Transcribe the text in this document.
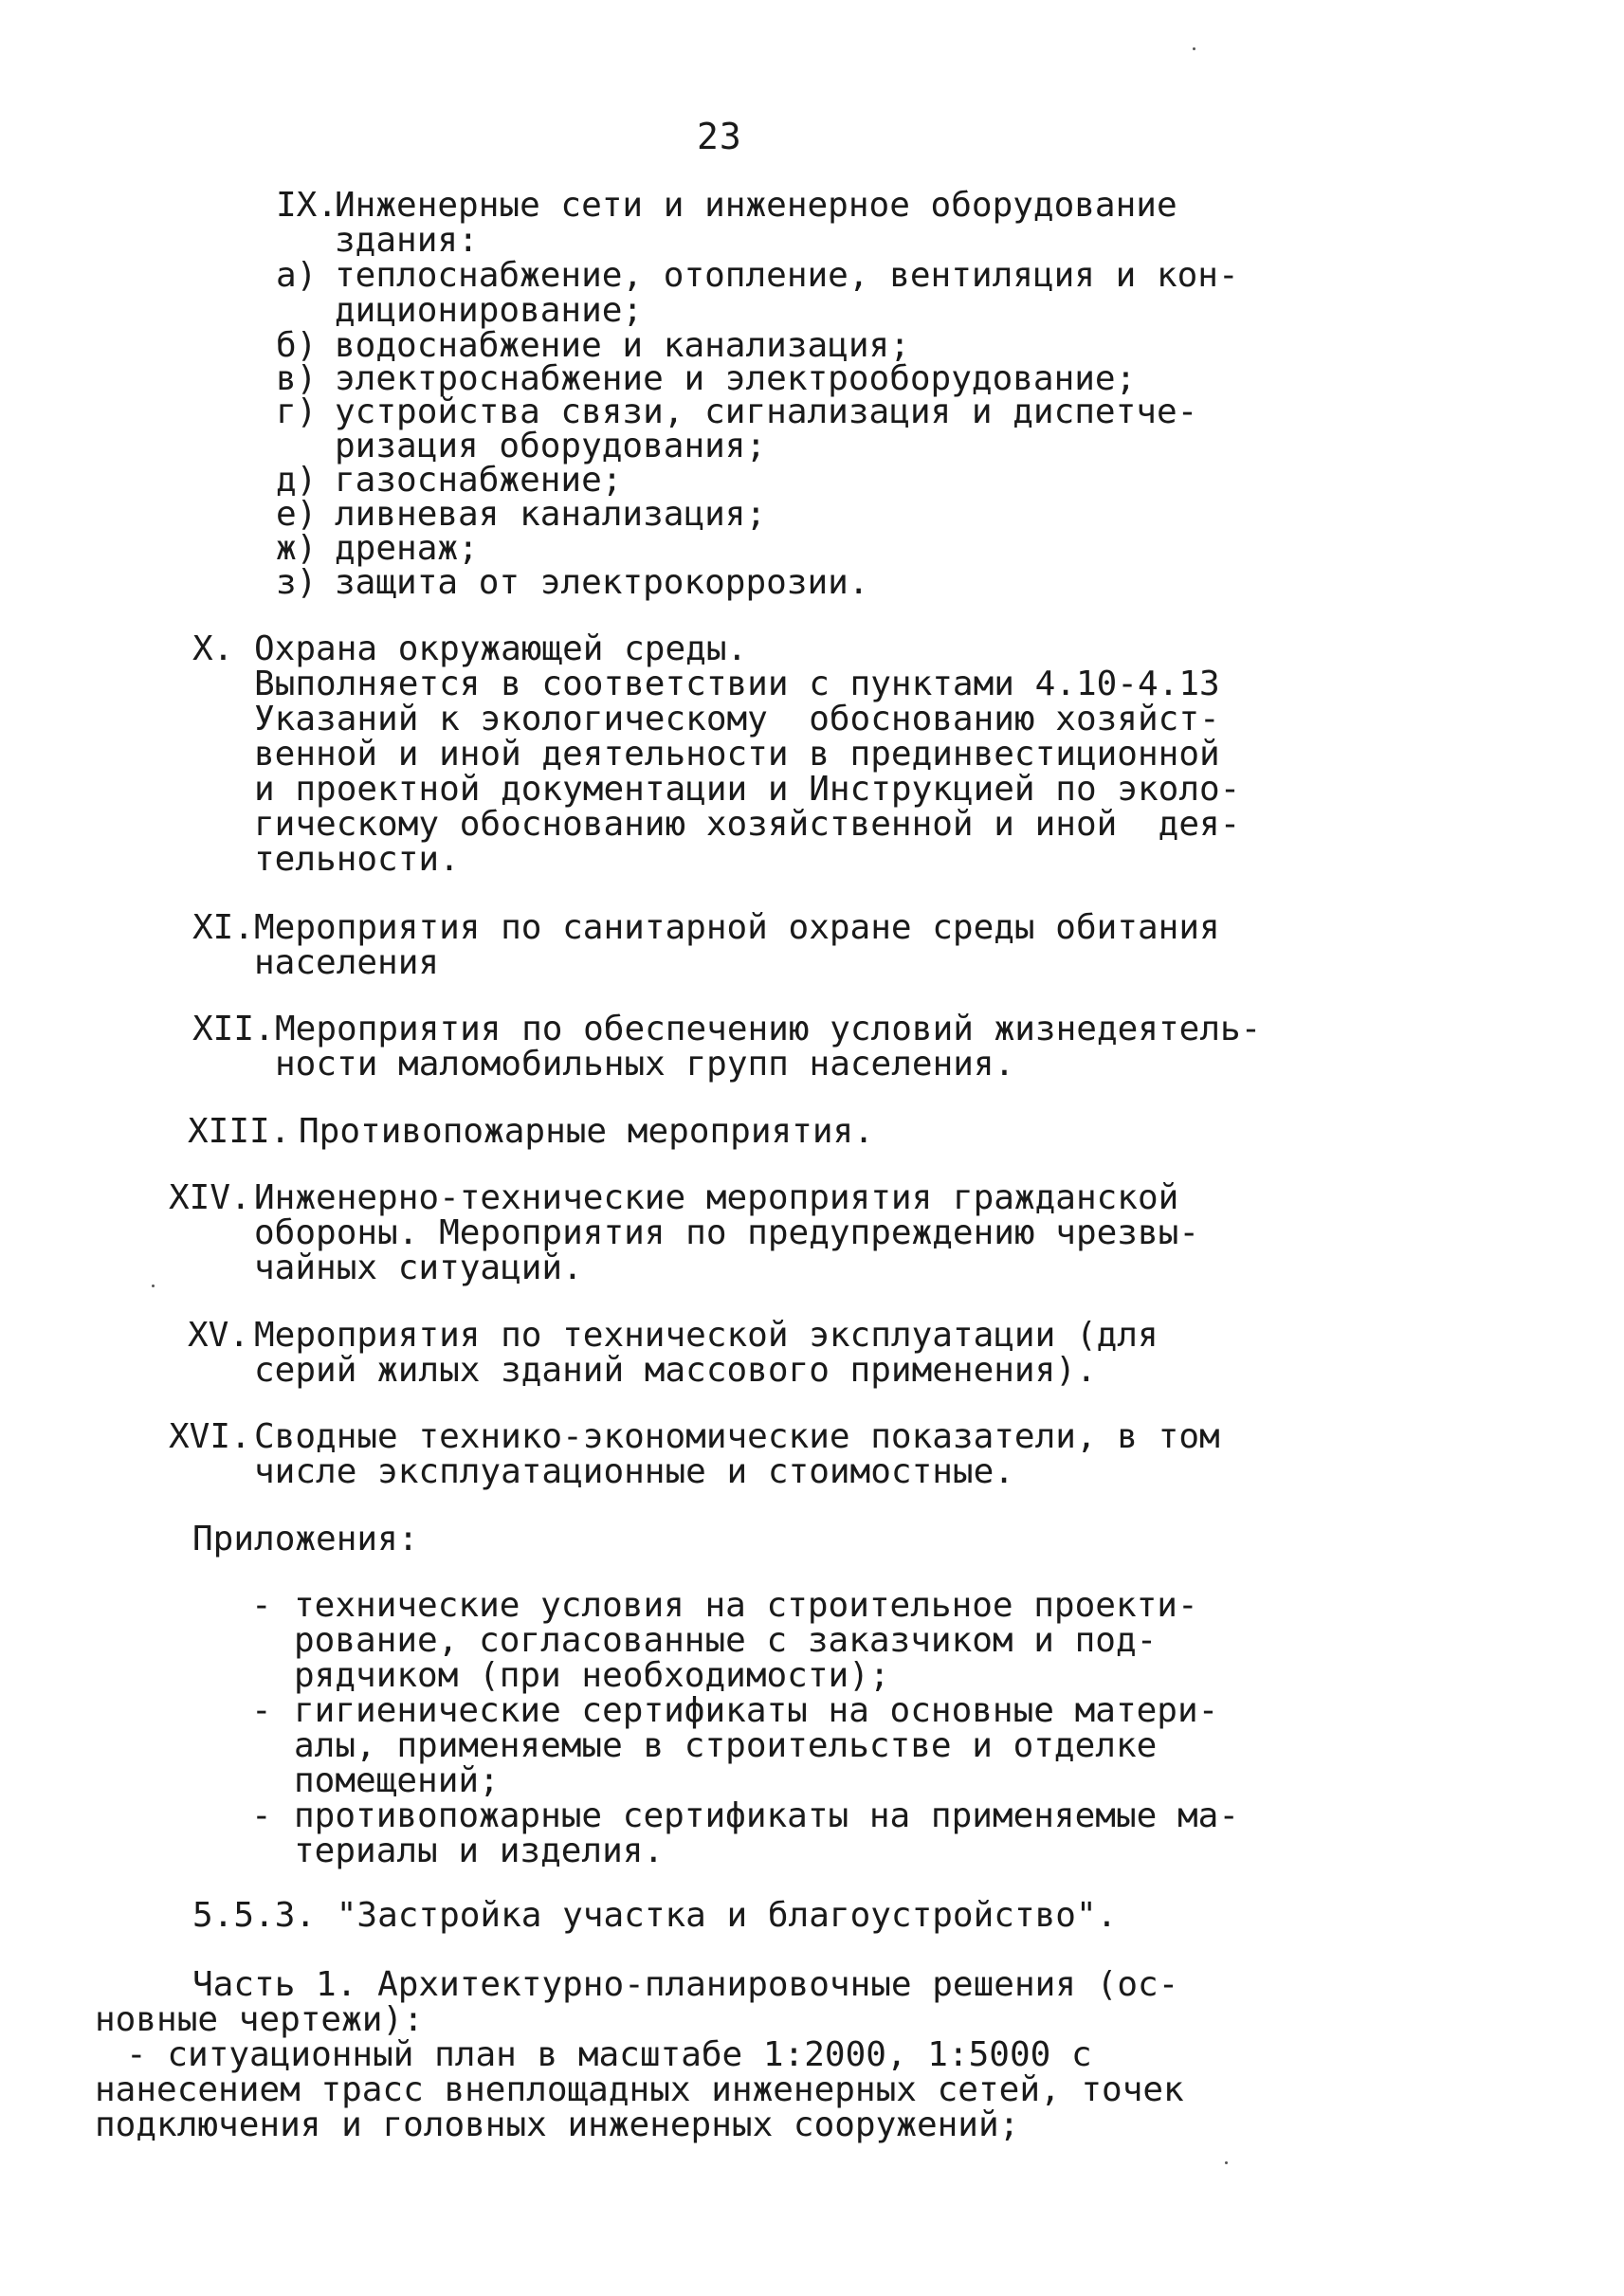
23
IX.
Инженерные сети и инженерное оборудование
здания:
а) теплоснабжение, отопление, вентиляция и кон-
диционирование;
б) водоснабжение и канализация;
в) электроснабжение и электрооборудование;
г) устройства связи, сигнализация и диспетче-
ризация оборудования;
д) газоснабжение;
е) ливневая канализация;
ж) дренаж;
з) защита от электрокоррозии.
X. Охрана окружающей среды.
Выполняется в соответствии с пунктами 4.10-4.13
Указаний к экологическому  обоснованию хозяйст-
венной и иной деятельности в прединвестиционной
и проектной документации и Инструкцией по эколо-
гическому обоснованию хозяйственной и иной  дея-
тельности.
XI. Мероприятия по санитарной охране среды обитания
населения
XII. Мероприятия по обеспечению условий жизнедеятель-
ности маломобильных групп населения.
XIII. Противопожарные мероприятия.
XIV. Инженерно-технические мероприятия гражданской
обороны. Мероприятия по предупреждению чрезвы-
чайных ситуаций.
XV. Мероприятия по технической эксплуатации (для
серий жилых зданий массового применения).
XVI. Сводные технико-экономические показатели, в том
числе эксплуатационные и стоимостные.
Приложения:
- технические условия на строительное проекти-
рование, согласованные с заказчиком и под-
рядчиком (при необходимости);
- гигиенические сертификаты на основные матери-
алы, применяемые в строительстве и отделке
помещений;
- противопожарные сертификаты на применяемые ма-
териалы и изделия.
5.5.3. "Застройка участка и благоустройство".
Часть 1. Архитектурно-планировочные решения (ос-
новные чертежи):
- ситуационный план в масштабе 1:2000, 1:5000 с
нанесением трасс внеплощадных инженерных сетей, точек
подключения и головных инженерных сооружений;
